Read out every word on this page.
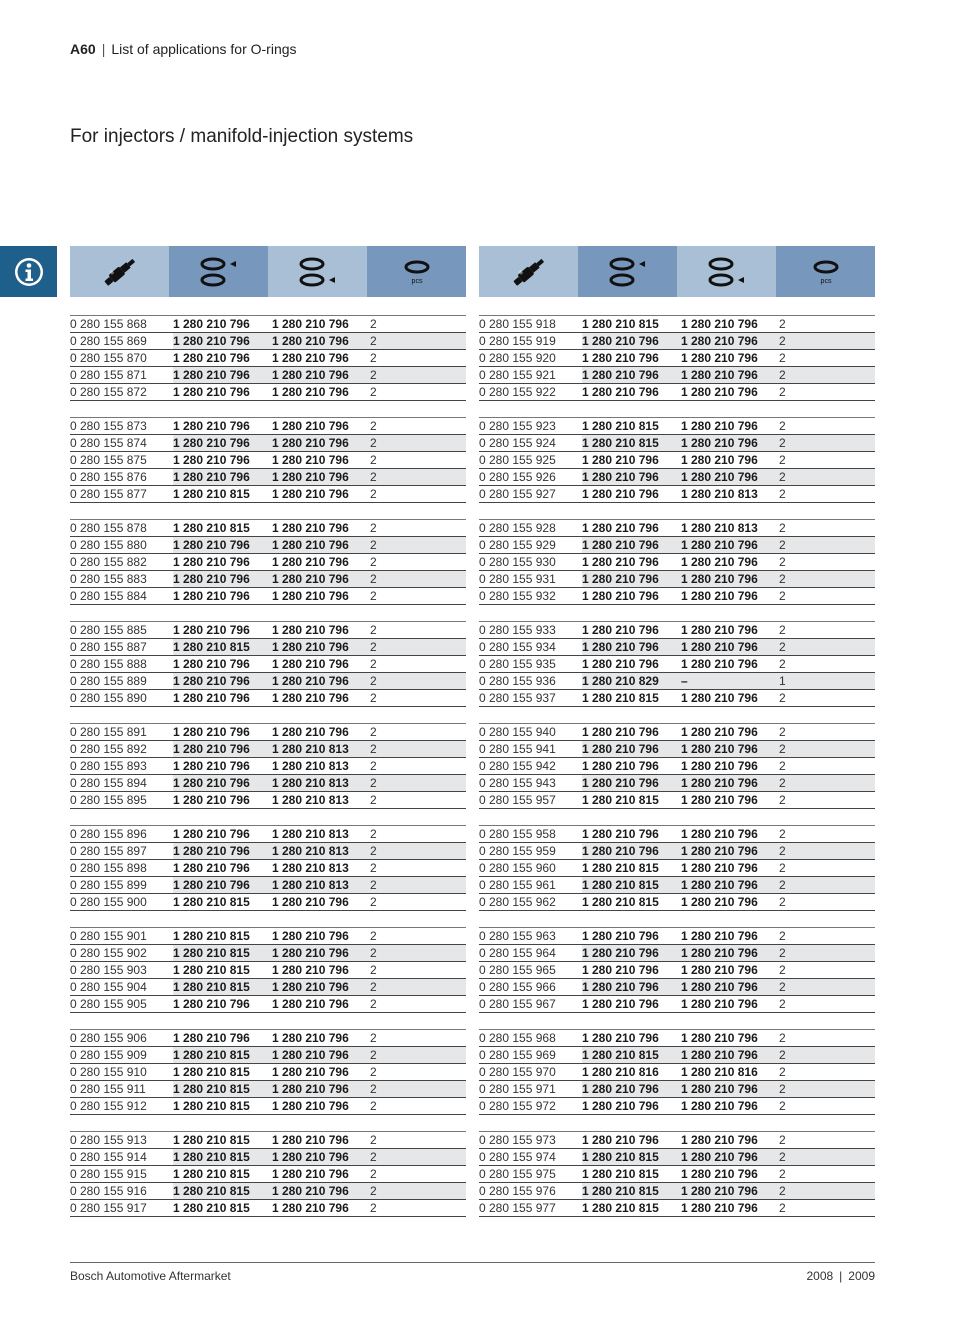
A60 | List of applications for O-rings
For injectors / manifold-injection systems
pcs
0 280 155 868	1 280 210 796	1 280 210 796	2
0 280 155 869	1 280 210 796	1 280 210 796	2
0 280 155 870	1 280 210 796	1 280 210 796	2
0 280 155 871	1 280 210 796	1 280 210 796	2
0 280 155 872	1 280 210 796	1 280 210 796	2
0 280 155 873	1 280 210 796	1 280 210 796	2
0 280 155 874	1 280 210 796	1 280 210 796	2
0 280 155 875	1 280 210 796	1 280 210 796	2
0 280 155 876	1 280 210 796	1 280 210 796	2
0 280 155 877	1 280 210 815	1 280 210 796	2
0 280 155 878	1 280 210 815	1 280 210 796	2
0 280 155 880	1 280 210 796	1 280 210 796	2
0 280 155 882	1 280 210 796	1 280 210 796	2
0 280 155 883	1 280 210 796	1 280 210 796	2
0 280 155 884	1 280 210 796	1 280 210 796	2
0 280 155 885	1 280 210 796	1 280 210 796	2
0 280 155 887	1 280 210 815	1 280 210 796	2
0 280 155 888	1 280 210 796	1 280 210 796	2
0 280 155 889	1 280 210 796	1 280 210 796	2
0 280 155 890	1 280 210 796	1 280 210 796	2
0 280 155 891	1 280 210 796	1 280 210 796	2
0 280 155 892	1 280 210 796	1 280 210 813	2
0 280 155 893	1 280 210 796	1 280 210 813	2
0 280 155 894	1 280 210 796	1 280 210 813	2
0 280 155 895	1 280 210 796	1 280 210 813	2
0 280 155 896	1 280 210 796	1 280 210 813	2
0 280 155 897	1 280 210 796	1 280 210 813	2
0 280 155 898	1 280 210 796	1 280 210 813	2
0 280 155 899	1 280 210 796	1 280 210 813	2
0 280 155 900	1 280 210 815	1 280 210 796	2
0 280 155 901	1 280 210 815	1 280 210 796	2
0 280 155 902	1 280 210 815	1 280 210 796	2
0 280 155 903	1 280 210 815	1 280 210 796	2
0 280 155 904	1 280 210 815	1 280 210 796	2
0 280 155 905	1 280 210 796	1 280 210 796	2
0 280 155 906	1 280 210 796	1 280 210 796	2
0 280 155 909	1 280 210 815	1 280 210 796	2
0 280 155 910	1 280 210 815	1 280 210 796	2
0 280 155 911	1 280 210 815	1 280 210 796	2
0 280 155 912	1 280 210 815	1 280 210 796	2
0 280 155 913	1 280 210 815	1 280 210 796	2
0 280 155 914	1 280 210 815	1 280 210 796	2
0 280 155 915	1 280 210 815	1 280 210 796	2
0 280 155 916	1 280 210 815	1 280 210 796	2
0 280 155 917	1 280 210 815	1 280 210 796	2
pcs
0 280 155 918	1 280 210 815	1 280 210 796	2
0 280 155 919	1 280 210 796	1 280 210 796	2
0 280 155 920	1 280 210 796	1 280 210 796	2
0 280 155 921	1 280 210 796	1 280 210 796	2
0 280 155 922	1 280 210 796	1 280 210 796	2
0 280 155 923	1 280 210 815	1 280 210 796	2
0 280 155 924	1 280 210 815	1 280 210 796	2
0 280 155 925	1 280 210 796	1 280 210 796	2
0 280 155 926	1 280 210 796	1 280 210 796	2
0 280 155 927	1 280 210 796	1 280 210 813	2
0 280 155 928	1 280 210 796	1 280 210 813	2
0 280 155 929	1 280 210 796	1 280 210 796	2
0 280 155 930	1 280 210 796	1 280 210 796	2
0 280 155 931	1 280 210 796	1 280 210 796	2
0 280 155 932	1 280 210 796	1 280 210 796	2
0 280 155 933	1 280 210 796	1 280 210 796	2
0 280 155 934	1 280 210 796	1 280 210 796	2
0 280 155 935	1 280 210 796	1 280 210 796	2
0 280 155 936	1 280 210 829	–	1
0 280 155 937	1 280 210 815	1 280 210 796	2
0 280 155 940	1 280 210 796	1 280 210 796	2
0 280 155 941	1 280 210 796	1 280 210 796	2
0 280 155 942	1 280 210 796	1 280 210 796	2
0 280 155 943	1 280 210 796	1 280 210 796	2
0 280 155 957	1 280 210 815	1 280 210 796	2
0 280 155 958	1 280 210 796	1 280 210 796	2
0 280 155 959	1 280 210 796	1 280 210 796	2
0 280 155 960	1 280 210 815	1 280 210 796	2
0 280 155 961	1 280 210 815	1 280 210 796	2
0 280 155 962	1 280 210 815	1 280 210 796	2
0 280 155 963	1 280 210 796	1 280 210 796	2
0 280 155 964	1 280 210 796	1 280 210 796	2
0 280 155 965	1 280 210 796	1 280 210 796	2
0 280 155 966	1 280 210 796	1 280 210 796	2
0 280 155 967	1 280 210 796	1 280 210 796	2
0 280 155 968	1 280 210 796	1 280 210 796	2
0 280 155 969	1 280 210 815	1 280 210 796	2
0 280 155 970	1 280 210 816	1 280 210 816	2
0 280 155 971	1 280 210 796	1 280 210 796	2
0 280 155 972	1 280 210 796	1 280 210 796	2
0 280 155 973	1 280 210 796	1 280 210 796	2
0 280 155 974	1 280 210 815	1 280 210 796	2
0 280 155 975	1 280 210 815	1 280 210 796	2
0 280 155 976	1 280 210 815	1 280 210 796	2
0 280 155 977	1 280 210 815	1 280 210 796	2
Bosch Automotive Aftermarket	2008 | 2009
